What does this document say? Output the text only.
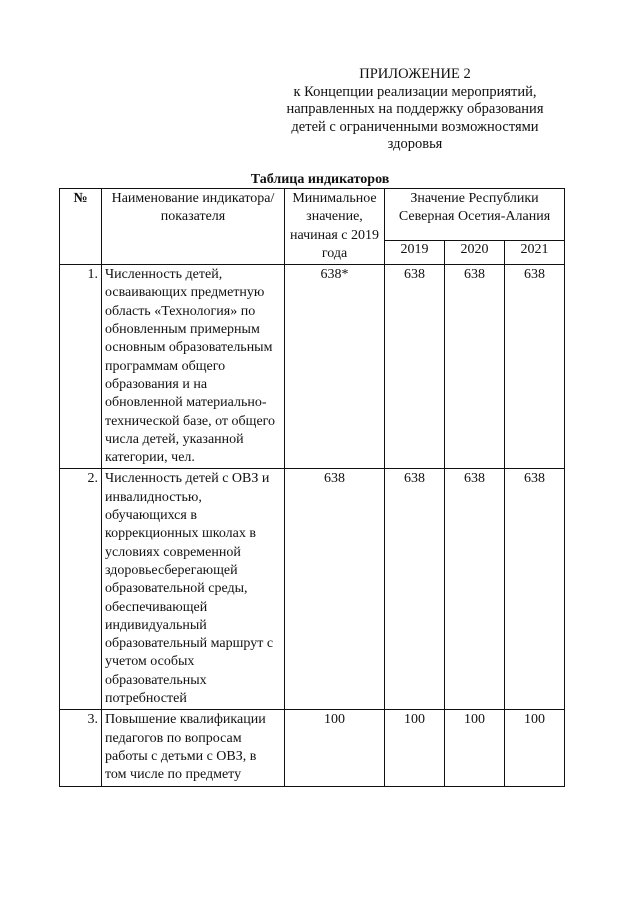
ПРИЛОЖЕНИЕ 2
к Концепции реализации мероприятий,
направленных на поддержку образования
детей с ограниченными возможностями
здоровья
Таблица индикаторов
№	Наименование индикатора/показателя	Минимальное значение, начиная с 2019 года	Значение Республики Северная Осетия-Алания		
			2019	2020	2021
1.	Численность детей, осваивающих предметную область «Технология» по обновленным примерным основным образовательным программам общего образования и на обновленной материально-технической базе, от общего числа детей, указанной категории, чел.	638*	638	638	638
2.	Численность детей с ОВЗ и инвалидностью, обучающихся в коррекционных школах в условиях современной здоровьесберегающей образовательной среды, обеспечивающей индивидуальный образовательный маршрут с учетом особых образовательных потребностей	638	638	638	638
3.	Повышение квалификации педагогов по вопросам работы с детьми с ОВЗ, в том числе по предмету	100	100	100	100
